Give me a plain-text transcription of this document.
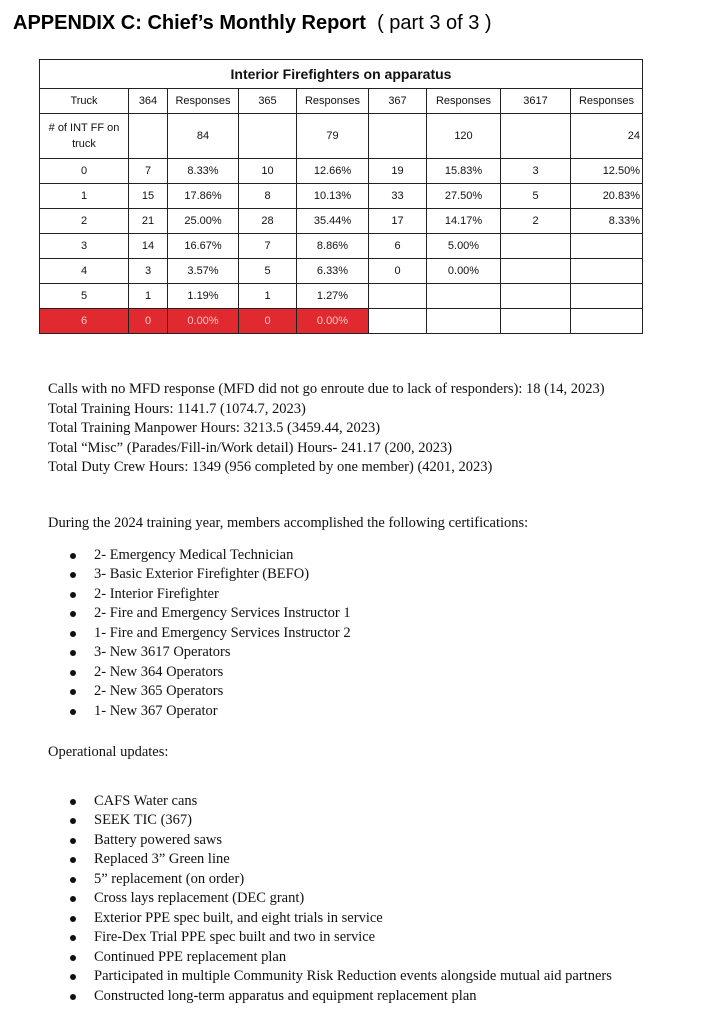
APPENDIX C: Chief’s Monthly Report ( part 3 of 3 )
Interior Firefighters on apparatus								
Truck	364	Responses	365	Responses	367	Responses	3617	Responses
# of INT FF on truck		84		79		120		24
0	7	8.33%	10	12.66%	19	15.83%	3	12.50%
1	15	17.86%	8	10.13%	33	27.50%	5	20.83%
2	21	25.00%	28	35.44%	17	14.17%	2	8.33%
3	14	16.67%	7	8.86%	6	5.00%		
4	3	3.57%	5	6.33%	0	0.00%		
5	1	1.19%	1	1.27%				
6	0	0.00%	0	0.00%				
Calls with no MFD response (MFD did not go enroute due to lack of responders): 18 (14, 2023)
Total Training Hours: 1141.7 (1074.7, 2023)
Total Training Manpower Hours: 3213.5 (3459.44, 2023)
Total “Misc” (Parades/Fill-in/Work detail) Hours- 241.17 (200, 2023)
Total Duty Crew Hours: 1349 (956 completed by one member) (4201, 2023)
During the 2024 training year, members accomplished the following certifications:
2- Emergency Medical Technician
3- Basic Exterior Firefighter (BEFO)
2- Interior Firefighter
2- Fire and Emergency Services Instructor 1
1- Fire and Emergency Services Instructor 2
3- New 3617 Operators
2- New 364 Operators
2- New 365 Operators
1- New 367 Operator
Operational updates:
CAFS Water cans
SEEK TIC (367)
Battery powered saws
Replaced 3” Green line
5” replacement (on order)
Cross lays replacement (DEC grant)
Exterior PPE spec built, and eight trials in service
Fire-Dex Trial PPE spec built and two in service
Continued PPE replacement plan
Participated in multiple Community Risk Reduction events alongside mutual aid partners
Constructed long-term apparatus and equipment replacement plan
